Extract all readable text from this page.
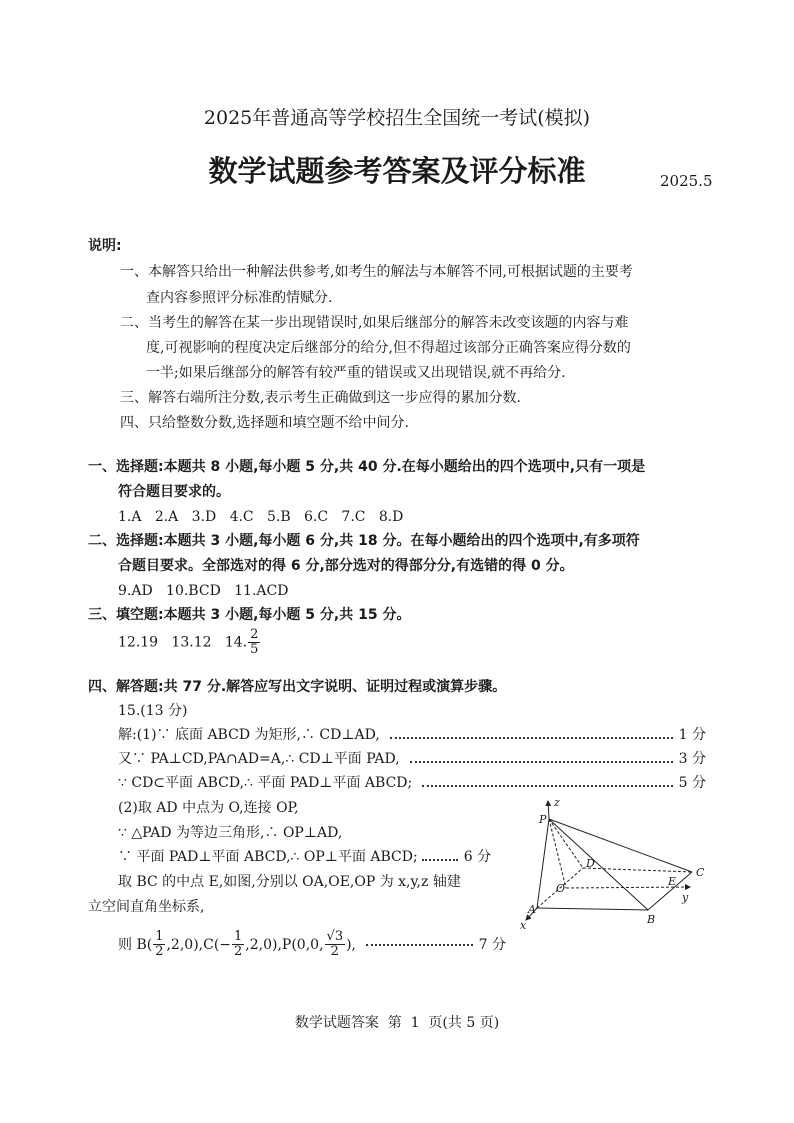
2025年普通高等学校招生全国统一考试(模拟)
数学试题参考答案及评分标准	2025.5
说明:
一、本解答只给出一种解法供参考,如考生的解法与本解答不同,可根据试题的主要考
查内容参照评分标准酌情赋分.
二、当考生的解答在某一步出现错误时,如果后继部分的解答未改变该题的内容与难
度,可视影响的程度决定后继部分的给分,但不得超过该部分正确答案应得分数的
一半;如果后继部分的解答有较严重的错误或又出现错误,就不再给分.
三、解答右端所注分数,表示考生正确做到这一步应得的累加分数.
四、只给整数分数,选择题和填空题不给中间分.
一、选择题:本题共 8 小题,每小题 5 分,共 40 分.在每小题给出的四个选项中,只有一项是
符合题目要求的。
1.A   2.A   3.D   4.C   5.B   6.C   7.C   8.D
二、选择题:本题共 3 小题,每小题 6 分,共 18 分。在每小题给出的四个选项中,有多项符
合题目要求。全部选对的得 6 分,部分选对的得部分分,有选错的得 0 分。
9.AD   10.BCD   11.ACD
三、填空题:本题共 3 小题,每小题 5 分,共 15 分。
12.19   13.12   14. $\frac{2}{5}$
四、解答题:共 77 分.解答应写出文字说明、证明过程或演算步骤。
15.(13 分)
解:(1)∵ 底面 ABCD 为矩形,∴ CD⊥AD,	1 分
又∵ PA⊥CD,PA∩AD=A,∴ CD⊥平面 PAD,	3 分
∵ CD⊂平面 ABCD,∴ 平面 PAD⊥平面 ABCD;	5 分
(2)取 AD 中点为 O,连接 OP,
∵ △PAD 为等边三角形,∴ OP⊥AD,
∵ 平面 PAD⊥平面 ABCD,∴ OP⊥平面 ABCD;	6 分
取 BC 的中点 E,如图,分别以 OA,OE,OP 为 x,y,z 轴建
立空间直角坐标系,
则 $B( \frac{1}{2} ,2,0),C(- \frac{1}{2} ,2,0),P(0,0$, $\frac{√3}{2}$ ),	7 分
z
P
D
C
O
E
y
A
B
x
数学试题答案  第  1  页(共 5 页)
